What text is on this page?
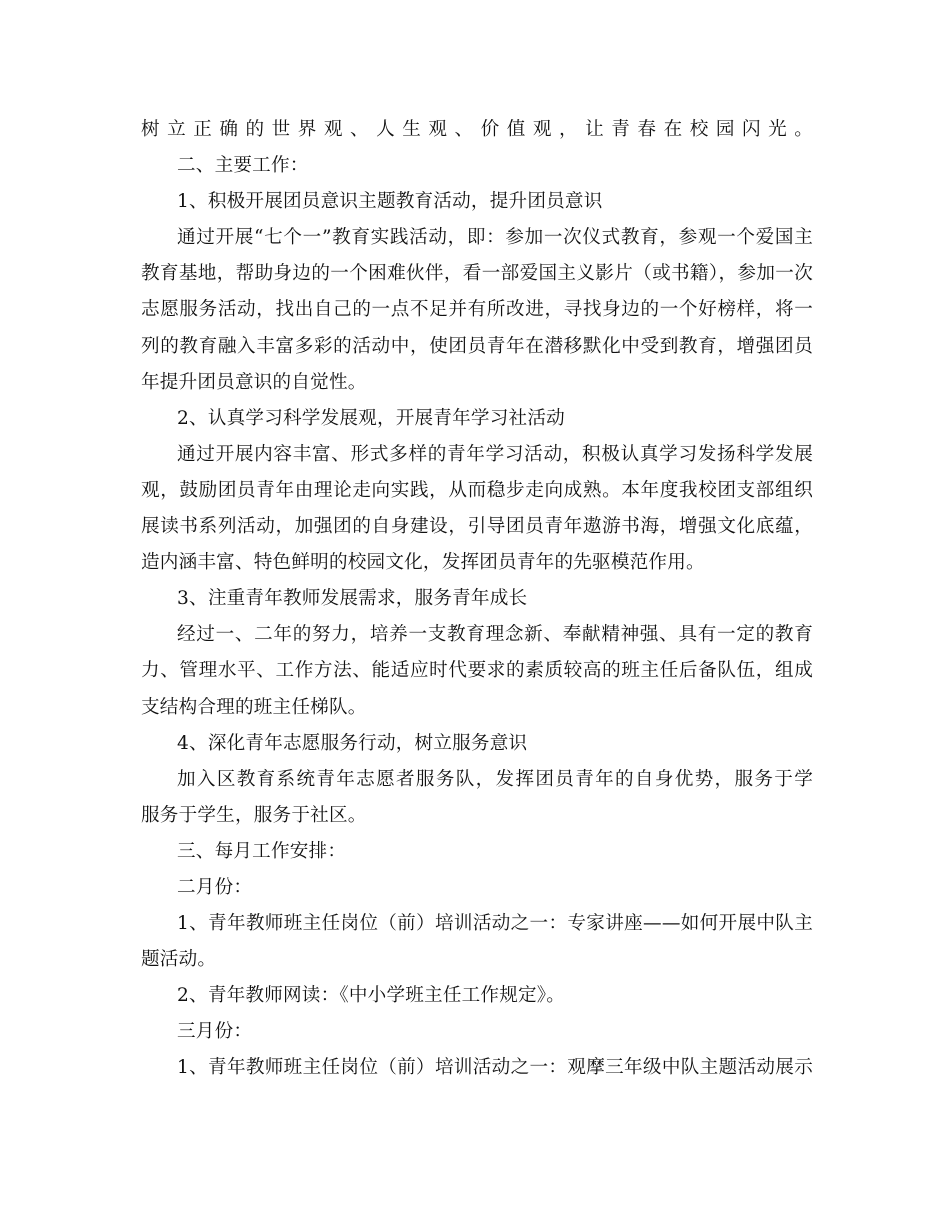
树立正确的世界观、人生观、价值观，让青春在校园闪光。
二、主要工作：
1、积极开展团员意识主题教育活动，提升团员意识
通过开展“七个一”教育实践活动，即：参加一次仪式教育，参观一个爱国主
教育基地，帮助身边的一个困难伙伴，看一部爱国主义影片（或书籍），参加一次
志愿服务活动，找出自己的一点不足并有所改进，寻找身边的一个好榜样，将一
列的教育融入丰富多彩的活动中，使团员青年在潜移默化中受到教育，增强团员
年提升团员意识的自觉性。
2、认真学习科学发展观，开展青年学习社活动
通过开展内容丰富、形式多样的青年学习活动，积极认真学习发扬科学发展
观，鼓励团员青年由理论走向实践，从而稳步走向成熟。本年度我校团支部组织
展读书系列活动，加强团的自身建设，引导团员青年遨游书海，增强文化底蕴，
造内涵丰富、特色鲜明的校园文化，发挥团员青年的先驱模范作用。
3、注重青年教师发展需求，服务青年成长
经过一、二年的努力，培养一支教育理念新、奉献精神强、具有一定的教育
力、管理水平、工作方法、能适应时代要求的素质较高的班主任后备队伍，组成
支结构合理的班主任梯队。
4、深化青年志愿服务行动，树立服务意识
加入区教育系统青年志愿者服务队，发挥团员青年的自身优势，服务于学
服务于学生，服务于社区。
三、每月工作安排：
二月份：
1、青年教师班主任岗位（前）培训活动之一：专家讲座——如何开展中队主
题活动。
2、青年教师网读：《中小学班主任工作规定》。
三月份：
1、青年教师班主任岗位（前）培训活动之一：观摩三年级中队主题活动展示
